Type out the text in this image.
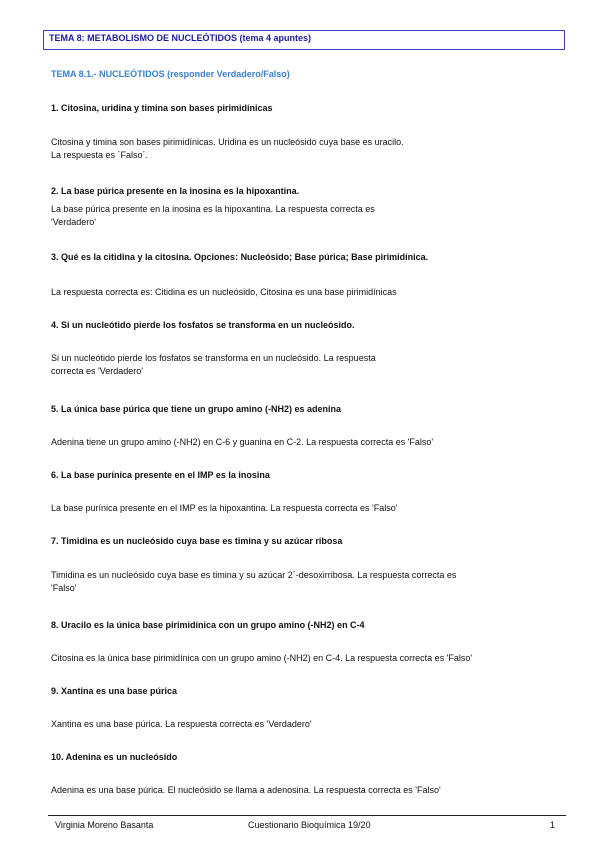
TEMA 8: METABOLISMO DE NUCLEÓTIDOS (tema 4 apuntes)
TEMA 8.1.- NUCLEÓTIDOS (responder Verdadero/Falso)
1. Citosina, uridina y timina son bases pirimidínicas
Citosina y timina son bases pirimidínicas. Uridina es un nucleósido cuya base es uracilo.
La respuesta es ´Falso´.
2. La base púrica presente en la inosina es la hipoxantina.
La base púrica presente en la inosina es la hipoxantina. La respuesta correcta es
'Verdadero'
3. Qué es la citidina y la citosina. Opciones: Nucleósido; Base púrica; Base pirimidínica.
La respuesta correcta es: Citidina es un nucleósido, Citosina es una base pirimidínicas
4. Si un nucleótido pierde los fosfatos se transforma en un nucleósido.
Si un nucleótido pierde los fosfatos se transforma en un nucleósido. La respuesta
correcta es 'Verdadero'
5. La única base púrica que tiene un grupo amino (-NH2) es adenina
Adenina tiene un grupo amino (-NH2) en C-6 y guanina en C-2. La respuesta correcta es 'Falso'
6. La base purínica presente en el IMP es la inosina
La base purínica presente en el IMP es la hipoxantina. La respuesta correcta es 'Falso'
7. Timidina es un nucleósido cuya base es timina y su azúcar ribosa
Timidina es un nucleósido cuya base es timina y su azúcar 2´-desoxirribosa. La respuesta correcta es
'Falso'
8. Uracilo es la única base pirimidínica con un grupo amino (-NH2) en C-4
Citosina es la única base pirimidínica con un grupo amino (-NH2) en C-4. La respuesta correcta es 'Falso'
9. Xantina es una base púrica
Xantina es una base púrica. La respuesta correcta es 'Verdadero'
10. Adenina es un nucleósido
Adenina es una base púrica. El nucleósido se llama a adenosina. La respuesta correcta es 'Falso'
Virginia Moreno Basanta	Cuestionario Bioquímica 19/20	1
